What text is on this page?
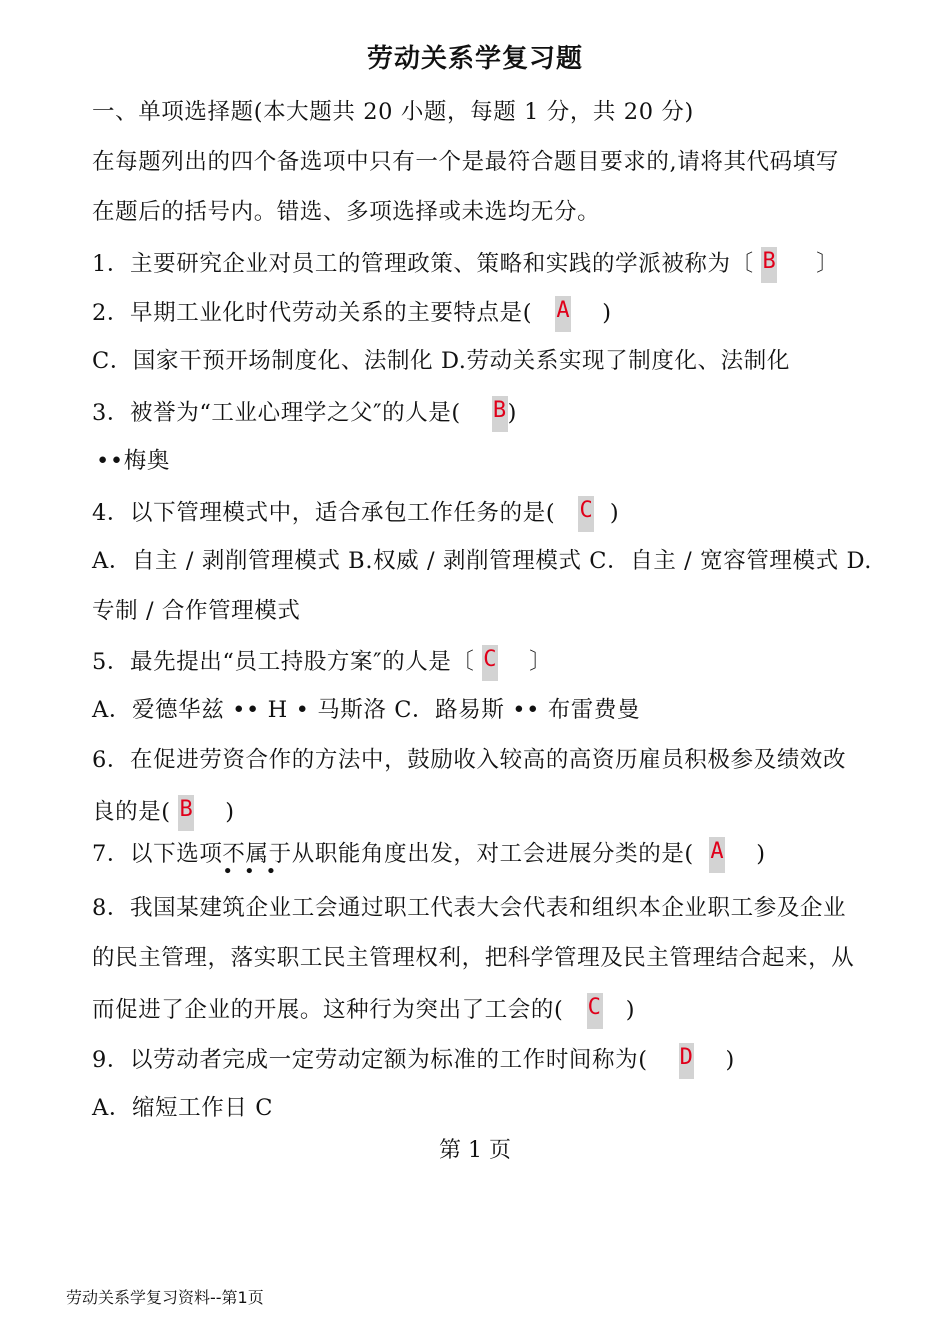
劳动关系学复习题
一、单项选择题(本大题共 20 小题，每题 1 分，共 20 分)
在每题列出的四个备选项中只有一个是最符合题目要求的,请将其代码填写
在题后的括号内。错选、多项选择或未选均无分。
1．主要研究企业对员工的管理政策、策略和实践的学派被称为〔 B     〕
2．早期工业化时代劳动关系的主要特点是(   A    )
C．国家干预开场制度化、法制化 D.劳动关系实现了制度化、法制化
3．被誉为“工业心理学之父″的人是(    B)
••梅奥
4．以下管理模式中，适合承包工作任务的是(   C  )
A．自主 / 剥削管理模式 B.权威 / 剥削管理模式 C．自主 / 宽容管理模式 D.
专制 / 合作管理模式
5．最先提出“员工持股方案″的人是〔 C    〕
A．爱德华兹 •• H • 马斯洛 C．路易斯 •• 布雷费曼
6．在促进劳资合作的方法中，鼓励收入较高的高资历雇员积极参及绩效改
良的是( B    )
7．以下选项不属于
•••
从职能角度出发，对工会进展分类的是(  A    )
8．我国某建筑企业工会通过职工代表大会代表和组织本企业职工参及企业
的民主管理，落实职工民主管理权利，把科学管理及民主管理结合起来，从
而促进了企业的开展。这种行为突出了工会的(   C   )
9．以劳动者完成一定劳动定额为标准的工作时间称为(    D    )
A．缩短工作日 C
第 1 页
劳动关系学复习资料--第1页
